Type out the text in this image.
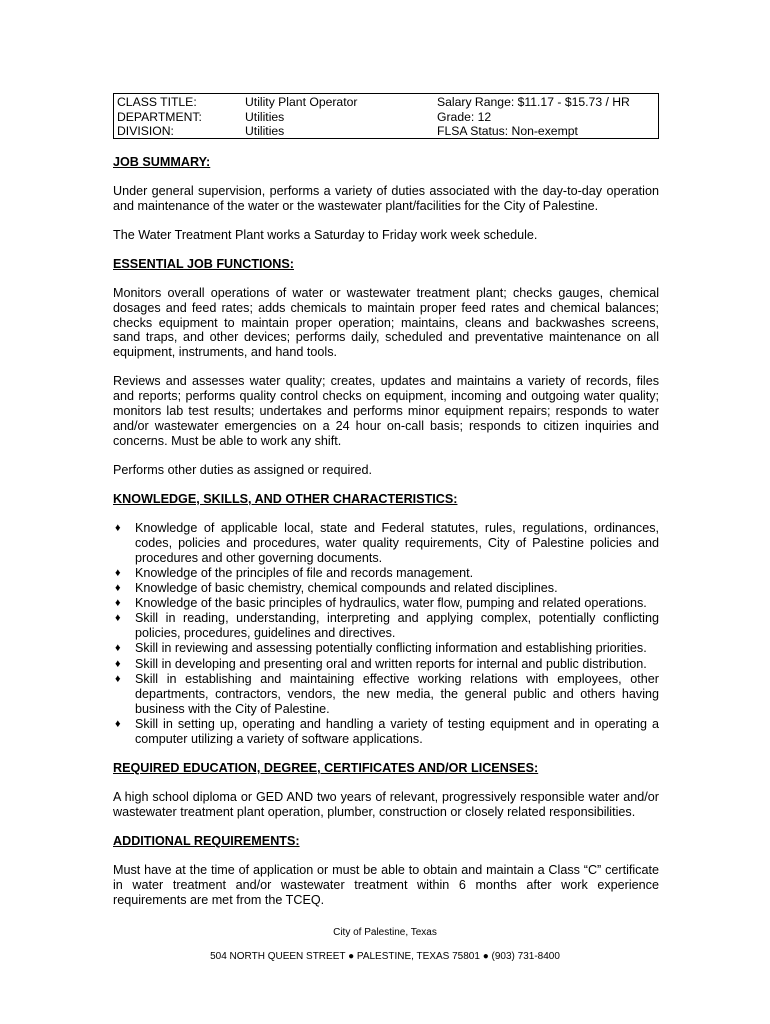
CLASS TITLE:
DEPARTMENT:
DIVISION:
Utility Plant Operator
Utilities
Utilities
Salary Range: $11.17 - $15.73 / HR
Grade: 12
FLSA Status: Non-exempt
JOB SUMMARY:

Under general supervision, performs a variety of duties associated with the day-to-day operation and maintenance of the water or the wastewater plant/facilities for the City of Palestine.

The Water Treatment Plant works a Saturday to Friday work week schedule.

ESSENTIAL JOB FUNCTIONS:

Monitors overall operations of water or wastewater treatment plant; checks gauges, chemical dosages and feed rates; adds chemicals to maintain proper feed rates and chemical balances; checks equipment to maintain proper operation; maintains, cleans and backwashes screens, sand traps, and other devices; performs daily, scheduled and preventative maintenance on all equipment, instruments, and hand tools.

Reviews and assesses water quality; creates, updates and maintains a variety of records, files and reports; performs quality control checks on equipment, incoming and outgoing water quality; monitors lab test results; undertakes and performs minor equipment repairs; responds to water and/or wastewater emergencies on a 24 hour on-call basis; responds to citizen inquiries and concerns. Must be able to work any shift.

Performs other duties as assigned or required.

KNOWLEDGE, SKILLS, AND OTHER CHARACTERISTICS:
♦ Knowledge of applicable local, state and Federal statutes, rules, regulations, ordinances, codes, policies and procedures, water quality requirements, City of Palestine policies and procedures and other governing documents.
♦ Knowledge of the principles of file and records management.
♦ Knowledge of basic chemistry, chemical compounds and related disciplines.
♦ Knowledge of the basic principles of hydraulics, water flow, pumping and related operations.
♦ Skill in reading, understanding, interpreting and applying complex, potentially conflicting policies, procedures, guidelines and directives.
♦ Skill in reviewing and assessing potentially conflicting information and establishing priorities.
♦ Skill in developing and presenting oral and written reports for internal and public distribution.
♦ Skill in establishing and maintaining effective working relations with employees, other departments, contractors, vendors, the new media, the general public and others having business with the City of Palestine.
♦ Skill in setting up, operating and handling a variety of testing equipment and in operating a computer utilizing a variety of software applications.
REQUIRED EDUCATION, DEGREE, CERTIFICATES AND/OR LICENSES:

A high school diploma or GED AND two years of relevant, progressively responsible water and/or wastewater treatment plant operation, plumber, construction or closely related responsibilities.

ADDITIONAL REQUIREMENTS:

Must have at the time of application or must be able to obtain and maintain a Class “C” certificate in water treatment and/or wastewater treatment within 6 months after work experience requirements are met from the TCEQ.

City of Palestine, Texas
504 NORTH QUEEN STREET ● PALESTINE, TEXAS 75801 ● (903) 731-8400
